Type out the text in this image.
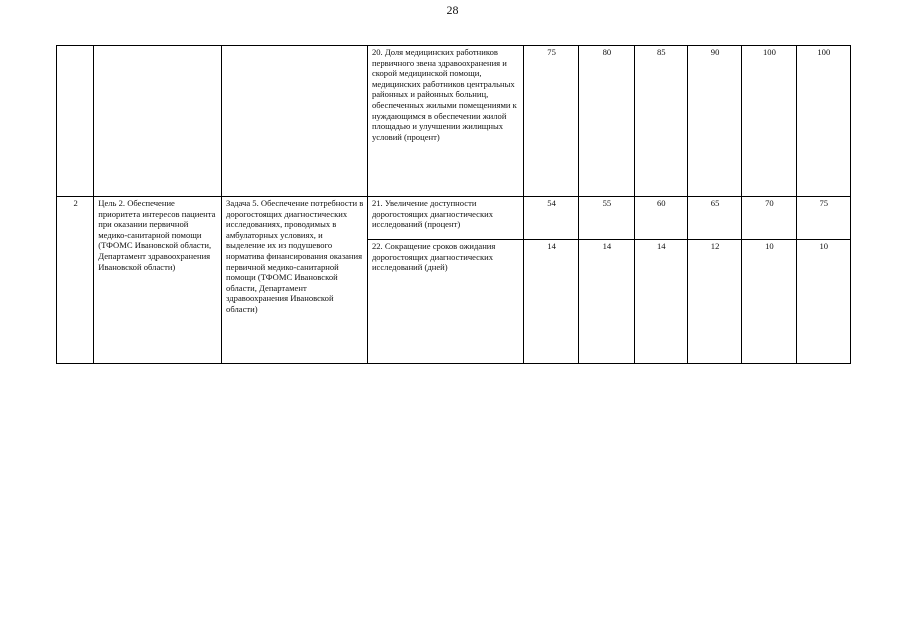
28
			20. Доля медицинских работников первичного звена здравоохранения и скорой медицинской помощи, медицинских работников центральных районных и районных больниц, обеспеченных жилыми помещениями к нуждающимся в обеспечении жилой площадью и улучшении жилищных условий (процент)	75	80	85	90	100	100
2	Цель 2. Обеспечение приоритета интересов пациента при оказании первичной медико-санитарной помощи (ТФОМС Ивановской области, Департамент здравоохранения Ивановской области)	Задача 5. Обеспечение потребности в дорогостоящих диагностических исследованиях, проводимых в амбулаторных условиях, и выделение их из подушевого норматива финансирования оказания первичной медико-санитарной помощи (ТФОМС Ивановской области, Департамент здравоохранения Ивановской области)	21. Увеличение доступности дорогостоящих диагностических исследований (процент)	54	55	60	65	70	75
			22. Сокращение сроков ожидания дорогостоящих диагностических исследований (дней)	14	14	14	12	10	10
